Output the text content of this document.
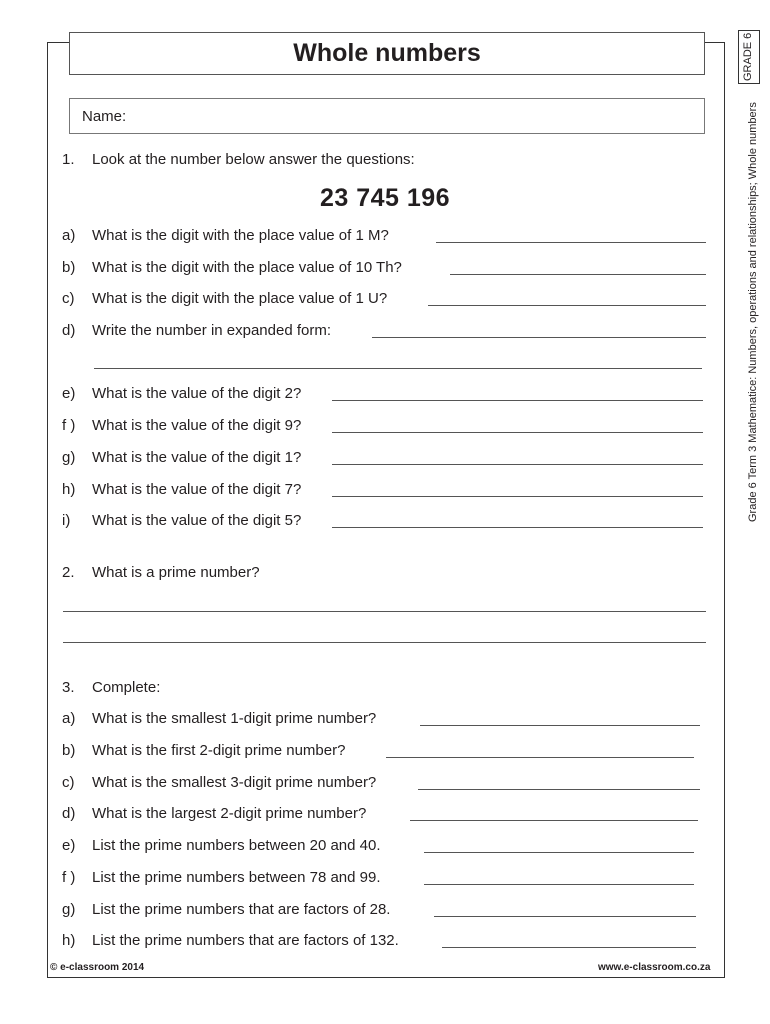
Whole numbers
Name:
1. Look at the number below answer the questions:
23 745 196
a) What is the digit with the place value of 1 M?
b) What is the digit with the place value of 10 Th?
c) What is the digit with the place value of 1 U?
d) Write the number in expanded form:
e) What is the value of the digit 2?
f ) What is the value of the digit 9?
g) What is the value of the digit 1?
h) What is the value of the digit 7?
i) What is the value of the digit 5?
2. What is a prime number?
3. Complete:
a) What is the smallest 1-digit prime number?
b) What is the first 2-digit prime number?
c) What is the smallest 3-digit prime number?
d) What is the largest 2-digit prime number?
e) List the prime numbers between 20 and 40.
f ) List the prime numbers between 78 and 99.
g) List the prime numbers that are factors of 28.
h) List the prime numbers that are factors of 132.
GRADE 6
Grade 6 Term 3 Mathematice: Numbers, operations and relationships; Whole numbers
© e-classroom 2014	www.e-classroom.co.za
